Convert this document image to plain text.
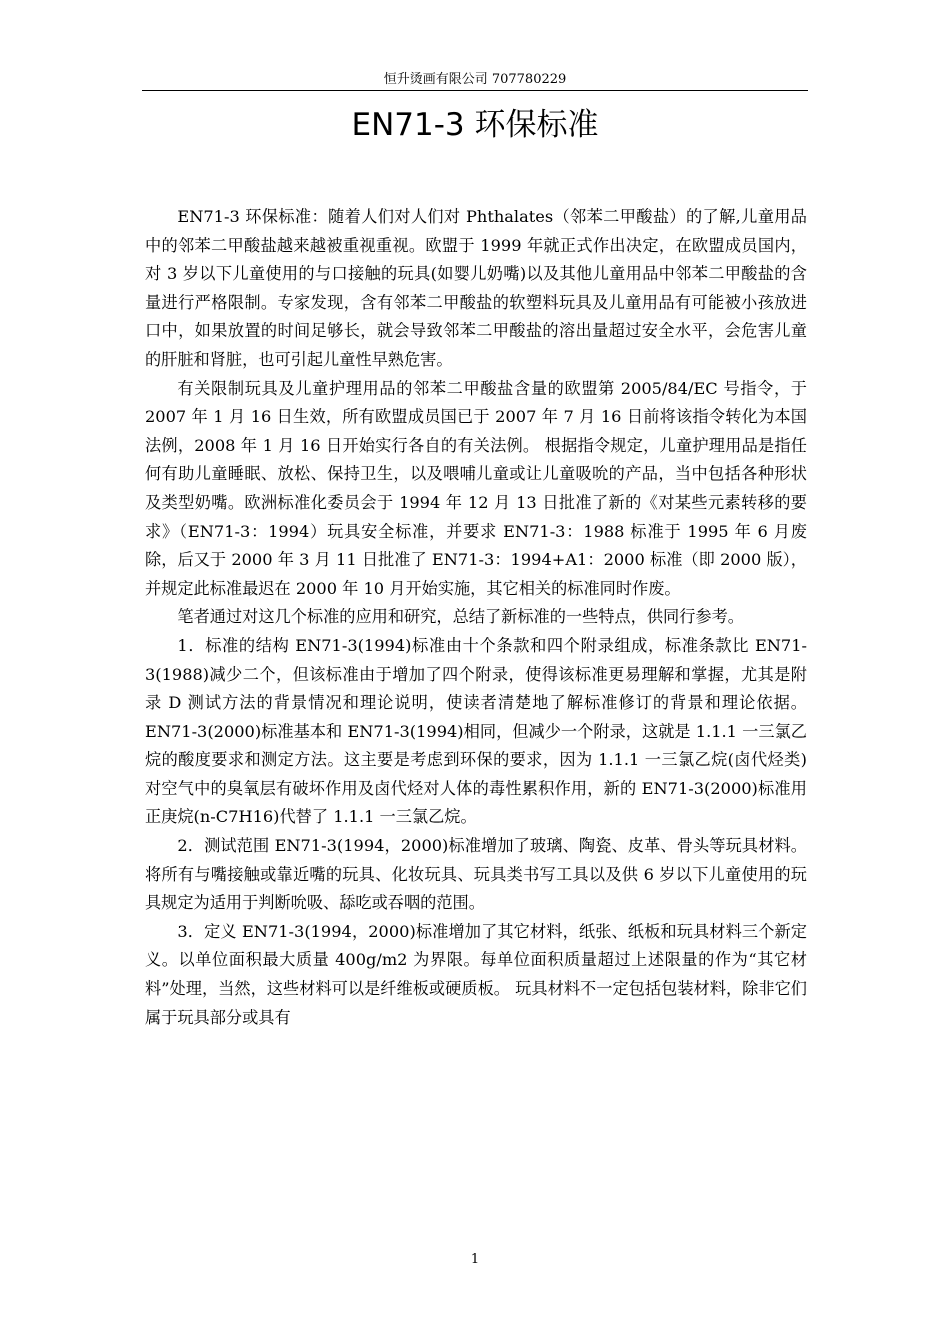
恒升烫画有限公司 707780229
EN71-3 环保标准

EN71-3 环保标准：随着人们对人们对 Phthalates（邻苯二甲酸盐）的了解,儿童用品中的邻苯二甲酸盐越来越被重视重视。欧盟于 1999 年就正式作出决定，在欧盟成员国内，对 3 岁以下儿童使用的与口接触的玩具(如婴儿奶嘴)以及其他儿童用品中邻苯二甲酸盐的含量进行严格限制。专家发现，含有邻苯二甲酸盐的软塑料玩具及儿童用品有可能被小孩放进口中，如果放置的时间足够长，就会导致邻苯二甲酸盐的溶出量超过安全水平，会危害儿童的肝脏和肾脏，也可引起儿童性早熟危害。

有关限制玩具及儿童护理用品的邻苯二甲酸盐含量的欧盟第 2005/84/EC 号指令，于 2007 年 1 月 16 日生效，所有欧盟成员国已于 2007 年 7 月 16 日前将该指令转化为本国法例，2008 年 1 月 16 日开始实行各自的有关法例。 根据指令规定，儿童护理用品是指任何有助儿童睡眠、放松、保持卫生，以及喂哺儿童或让儿童吸吮的产品，当中包括各种形状及类型奶嘴。欧洲标准化委员会于 1994 年 12 月 13 日批准了新的《对某些元素转移的要求》（EN71-3：1994）玩具安全标准，并要求 EN71-3：1988 标准于 1995 年 6 月废除，后又于 2000 年 3 月 11 日批准了 EN71-3：1994+A1：2000 标准（即 2000 版），并规定此标准最迟在 2000 年 10 月开始实施，其它相关的标准同时作废。

笔者通过对这几个标准的应用和研究，总结了新标准的一些特点，供同行参考。

1．标准的结构 EN71-3(1994)标准由十个条款和四个附录组成，标准条款比 EN71-3(1988)减少二个，但该标准由于增加了四个附录，使得该标准更易理解和掌握，尤其是附录 D 测试方法的背景情况和理论说明，使读者清楚地了解标准修订的背景和理论依据。EN71-3(2000)标准基本和 EN71-3(1994)相同，但减少一个附录，这就是 1.1.1 一三氯乙烷的酸度要求和测定方法。这主要是考虑到环保的要求，因为 1.1.1 一三氯乙烷(卤代烃类)对空气中的臭氧层有破坏作用及卤代烃对人体的毒性累积作用，新的 EN71-3(2000)标准用正庚烷(n-C7H16)代替了 1.1.1 一三氯乙烷。

2．测试范围 EN71-3(1994，2000)标准增加了玻璃、陶瓷、皮革、骨头等玩具材料。将所有与嘴接触或靠近嘴的玩具、化妆玩具、玩具类书写工具以及供 6 岁以下儿童使用的玩具规定为适用于判断吮吸、舔吃或吞咽的范围。

3．定义 EN71-3(1994，2000)标准增加了其它材料，纸张、纸板和玩具材料三个新定义。以单位面积最大质量 400g/m2 为界限。每单位面积质量超过上述限量的作为“其它材料”处理，当然，这些材料可以是纤维板或硬质板。 玩具材料不一定包括包装材料，除非它们属于玩具部分或具有

1
